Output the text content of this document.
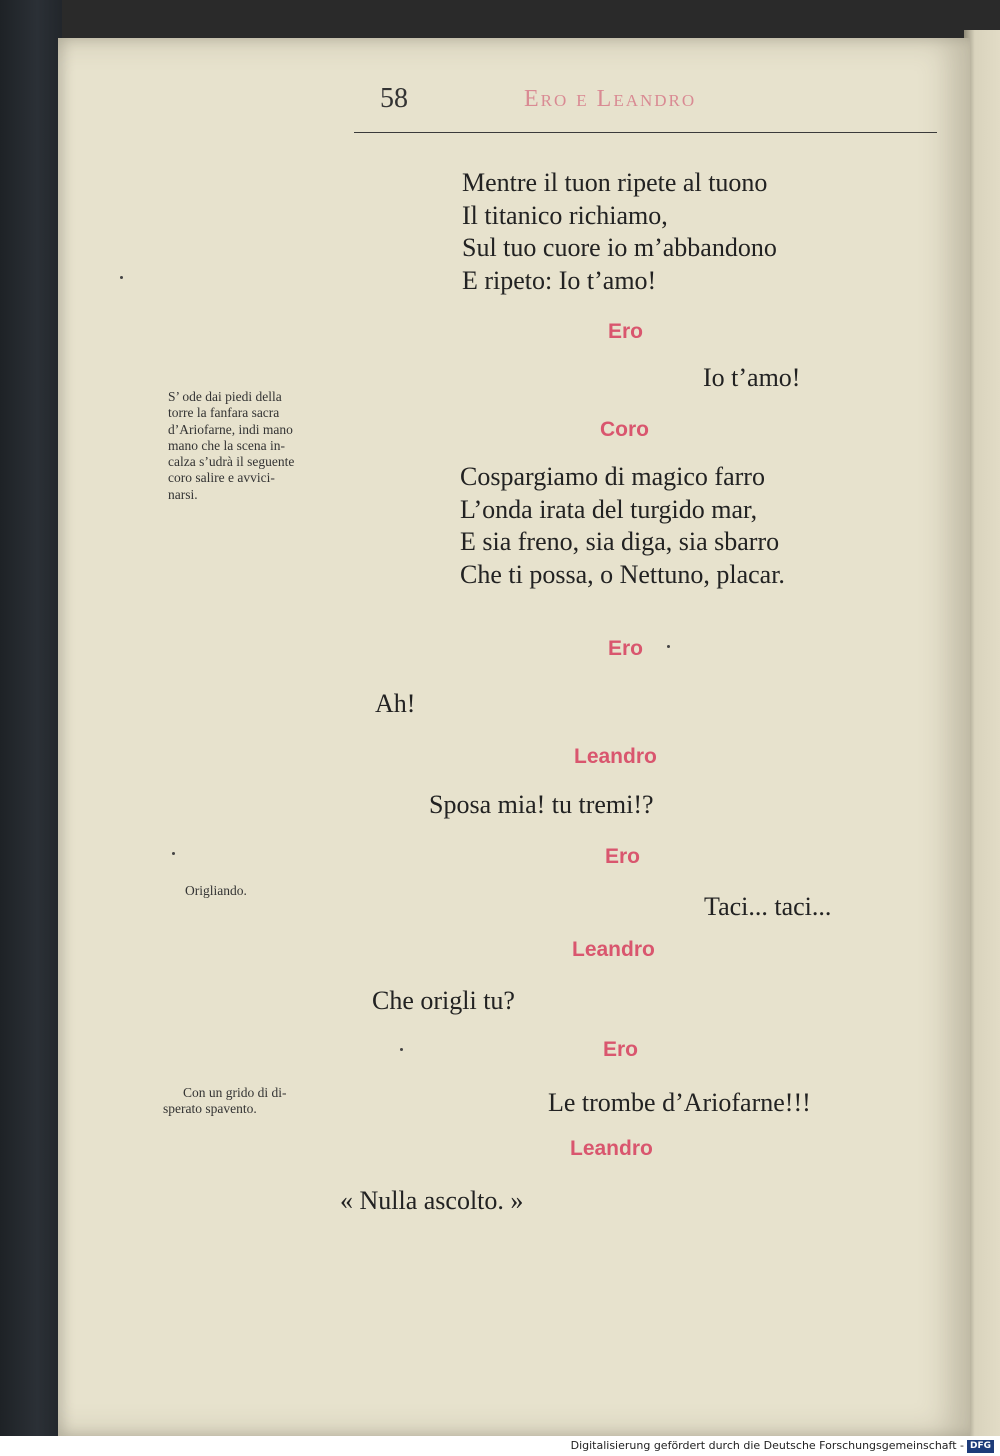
58	Ero e Leandro
Mentre il tuon ripete al tuono
Il titanico richiamo,
Sul tuo cuore io m’abbandono
E ripeto: Io t’amo!
Ero
Io t’amo!
S’ ode dai piedi della
torre la fanfara sacra
d’Ariofarne, indi mano
mano che la scena in-
calza s’udrà il seguente
coro salire e avvici-
narsi.
Coro
Cospargiamo di magico farro
L’onda irata del turgido mar,
E sia freno, sia diga, sia sbarro
Che ti possa, o Nettuno, placar.
Ero
Ah!
Leandro
Sposa mia! tu tremi!?
Ero
Origliando.
Taci... taci...
Leandro
Che origli tu?
Ero
Con un grido di di-
sperato spavento.	Le trombe d’Ariofarne!!!
Leandro
« Nulla ascolto. »
Digitalisierung gefördert durch die Deutsche Forschungsgemeinschaft - DFG
